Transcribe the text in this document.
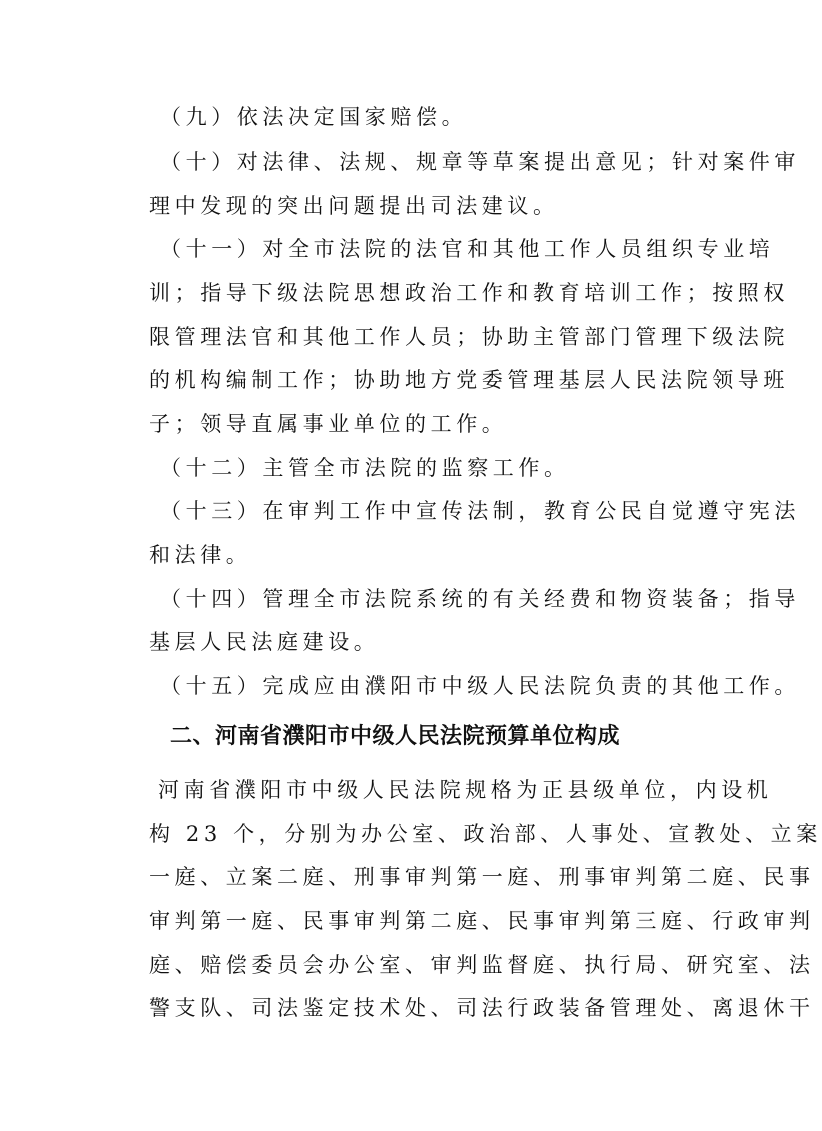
（九）依法决定国家赔偿。
（十）对法律、法规、规章等草案提出意见；针对案件审
理中发现的突出问题提出司法建议。
（十一）对全市法院的法官和其他工作人员组织专业培
训；指导下级法院思想政治工作和教育培训工作；按照权
限管理法官和其他工作人员；协助主管部门管理下级法院
的机构编制工作；协助地方党委管理基层人民法院领导班
子；领导直属事业单位的工作。
（十二）主管全市法院的监察工作。
（十三）在审判工作中宣传法制，教育公民自觉遵守宪法
和法律。
（十四）管理全市法院系统的有关经费和物资装备；指导
基层人民法庭建设。
（十五）完成应由濮阳市中级人民法院负责的其他工作。
二、河南省濮阳市中级人民法院预算单位构成
河南省濮阳市中级人民法院规格为正县级单位，内设机
构 23 个，分别为办公室、政治部、人事处、宣教处、立案
一庭、立案二庭、刑事审判第一庭、刑事审判第二庭、民事
审判第一庭、民事审判第二庭、民事审判第三庭、行政审判
庭、赔偿委员会办公室、审判监督庭、执行局、研究室、法
警支队、司法鉴定技术处、司法行政装备管理处、离退休干
